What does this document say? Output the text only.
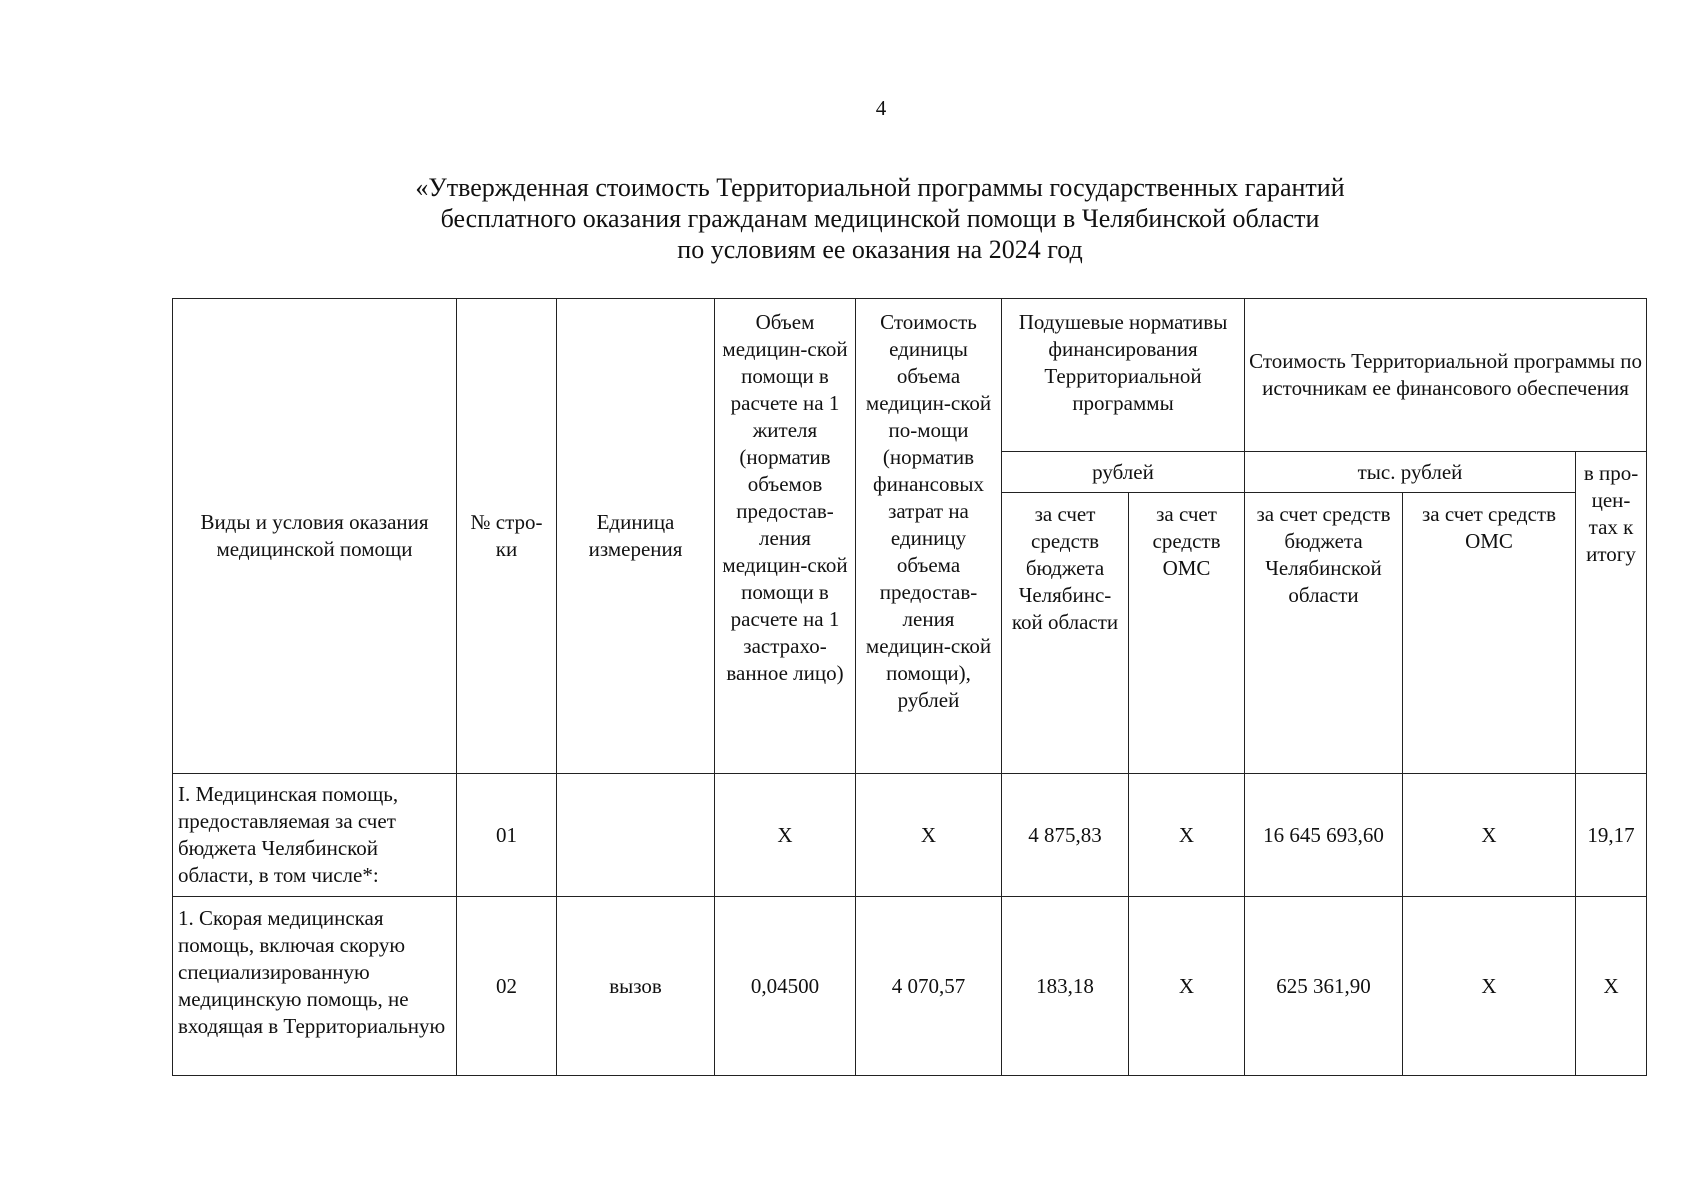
4
«Утвержденная стоимость Территориальной программы государственных гарантий
бесплатного оказания гражданам медицинской помощи в Челябинской области
по условиям ее оказания на 2024 год
Виды и условия оказания медицинской помощи	№ стро-ки	Единица измерения	Объем медицин-ской помощи в расчете на 1 жителя (норматив объемов предостав-ления медицин-ской помощи в расчете на 1 застрахо-ванное лицо)	Стоимость единицы объема медицин-ской по-мощи (норматив финансовых затрат на единицу объема предостав-ления медицин-ской помощи), рублей	Подушевые нормативы финансирования Территориальной программы		Стоимость Территориальной программы по источникам ее финансового обеспечения		
					рублей		тыс. рублей		в про-цен-тах к итогу
					за счет средств бюджета Челябинс-кой области	за счет средств ОМС	за счет средств бюджета Челябинской области	за счет средств ОМС	
I. Медицинская помощь, предоставляемая за счет бюджета Челябинской области, в том числе*:	01		X	X	4 875,83	X	16 645 693,60	X	19,17
1. Скорая медицинская помощь, включая скорую специализированную медицинскую помощь, не входящая в Территориальную	02	вызов	0,04500	4 070,57	183,18	X	625 361,90	X	X
